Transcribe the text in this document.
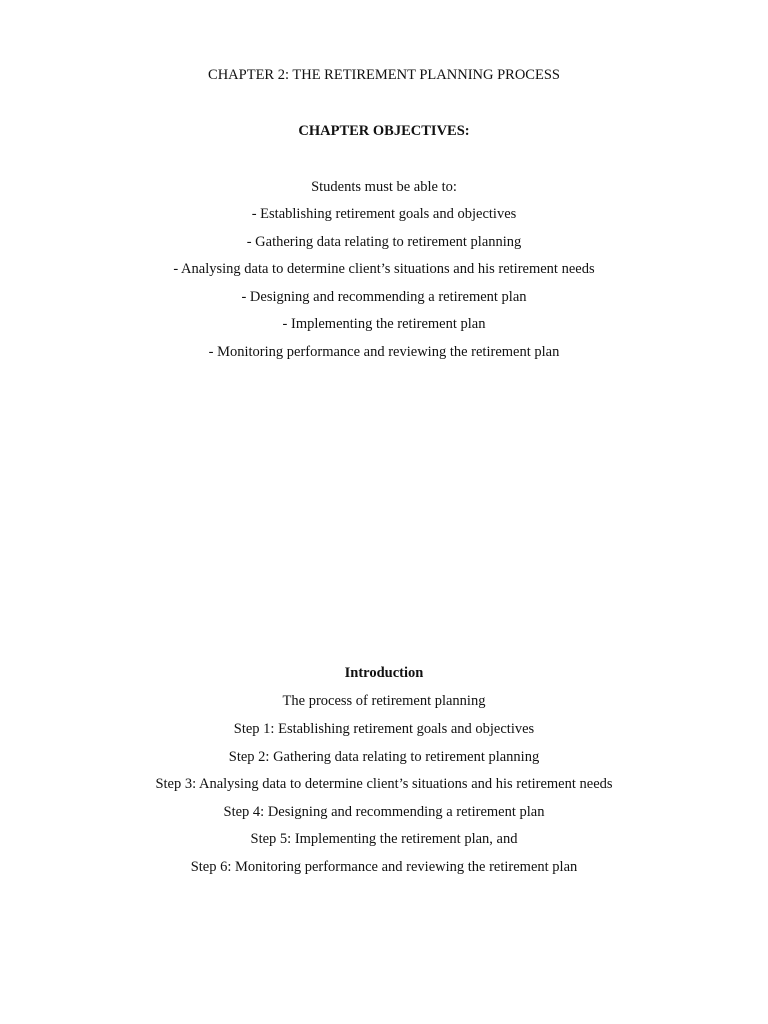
CHAPTER 2: THE RETIREMENT PLANNING PROCESS
CHAPTER OBJECTIVES:
Students must be able to:
- Establishing retirement goals and objectives
- Gathering data relating to retirement planning
- Analysing data to determine client’s situations and his retirement needs
- Designing and recommending a retirement plan
- Implementing the retirement plan
- Monitoring performance and reviewing the retirement plan
Introduction
The process of retirement planning
Step 1: Establishing retirement goals and objectives
Step 2: Gathering data relating to retirement planning
Step 3: Analysing data to determine client’s situations and his retirement needs
Step 4: Designing and recommending a retirement plan
Step 5: Implementing the retirement plan, and
Step 6: Monitoring performance and reviewing the retirement plan
